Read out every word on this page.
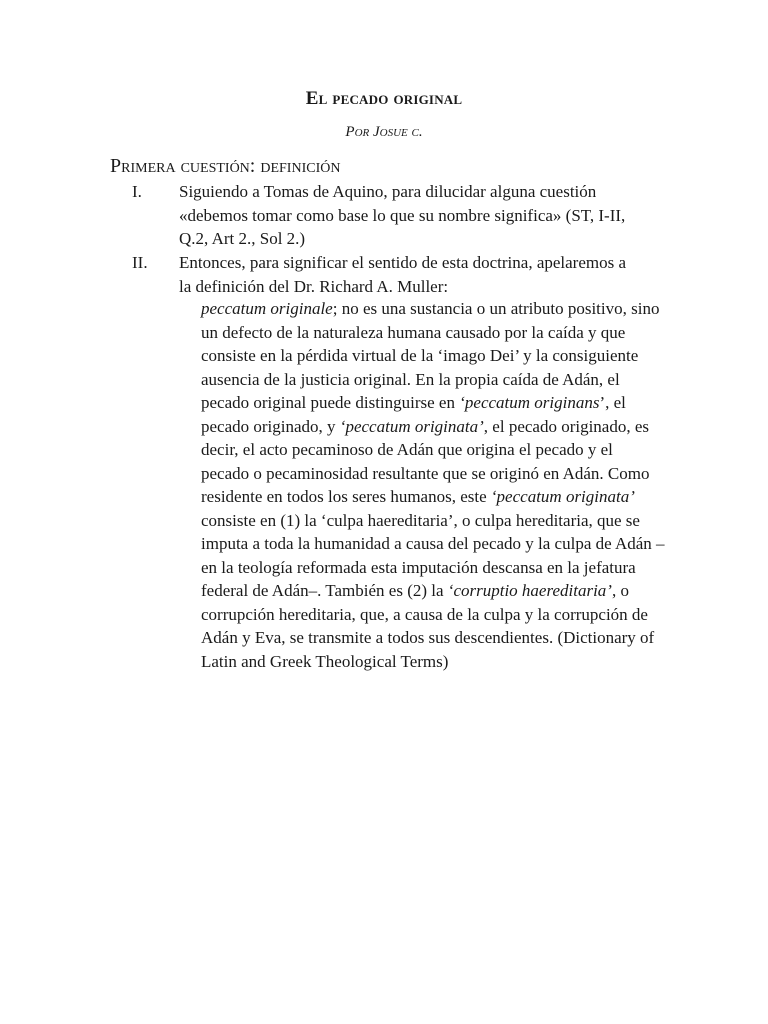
El pecado original
Por Josue c.
Primera cuestión: definición
I. Siguiendo a Tomas de Aquino, para dilucidar alguna cuestión «debemos tomar como base lo que su nombre significa» (ST, I-II, Q.2, Art 2., Sol 2.)
II. Entonces, para significar el sentido de esta doctrina, apelaremos a la definición del Dr. Richard A. Muller:
peccatum originale; no es una sustancia o un atributo positivo, sino un defecto de la naturaleza humana causado por la caída y que consiste en la pérdida virtual de la ‘imago Dei’ y la consiguiente ausencia de la justicia original. En la propia caída de Adán, el pecado original puede distinguirse en ‘peccatum originans’, el pecado originado, y ‘peccatum originata’, el pecado originado, es decir, el acto pecaminoso de Adán que origina el pecado y el pecado o pecaminosidad resultante que se originó en Adán. Como residente en todos los seres humanos, este ‘peccatum originata’ consiste en (1) la ‘culpa haereditaria’, o culpa hereditaria, que se imputa a toda la humanidad a causa del pecado y la culpa de Adán – en la teología reformada esta imputación descansa en la jefatura federal de Adán–. También es (2) la ‘corruptio haereditaria’, o corrupción hereditaria, que, a causa de la culpa y la corrupción de Adán y Eva, se transmite a todos sus descendientes. (Dictionary of Latin and Greek Theological Terms)
